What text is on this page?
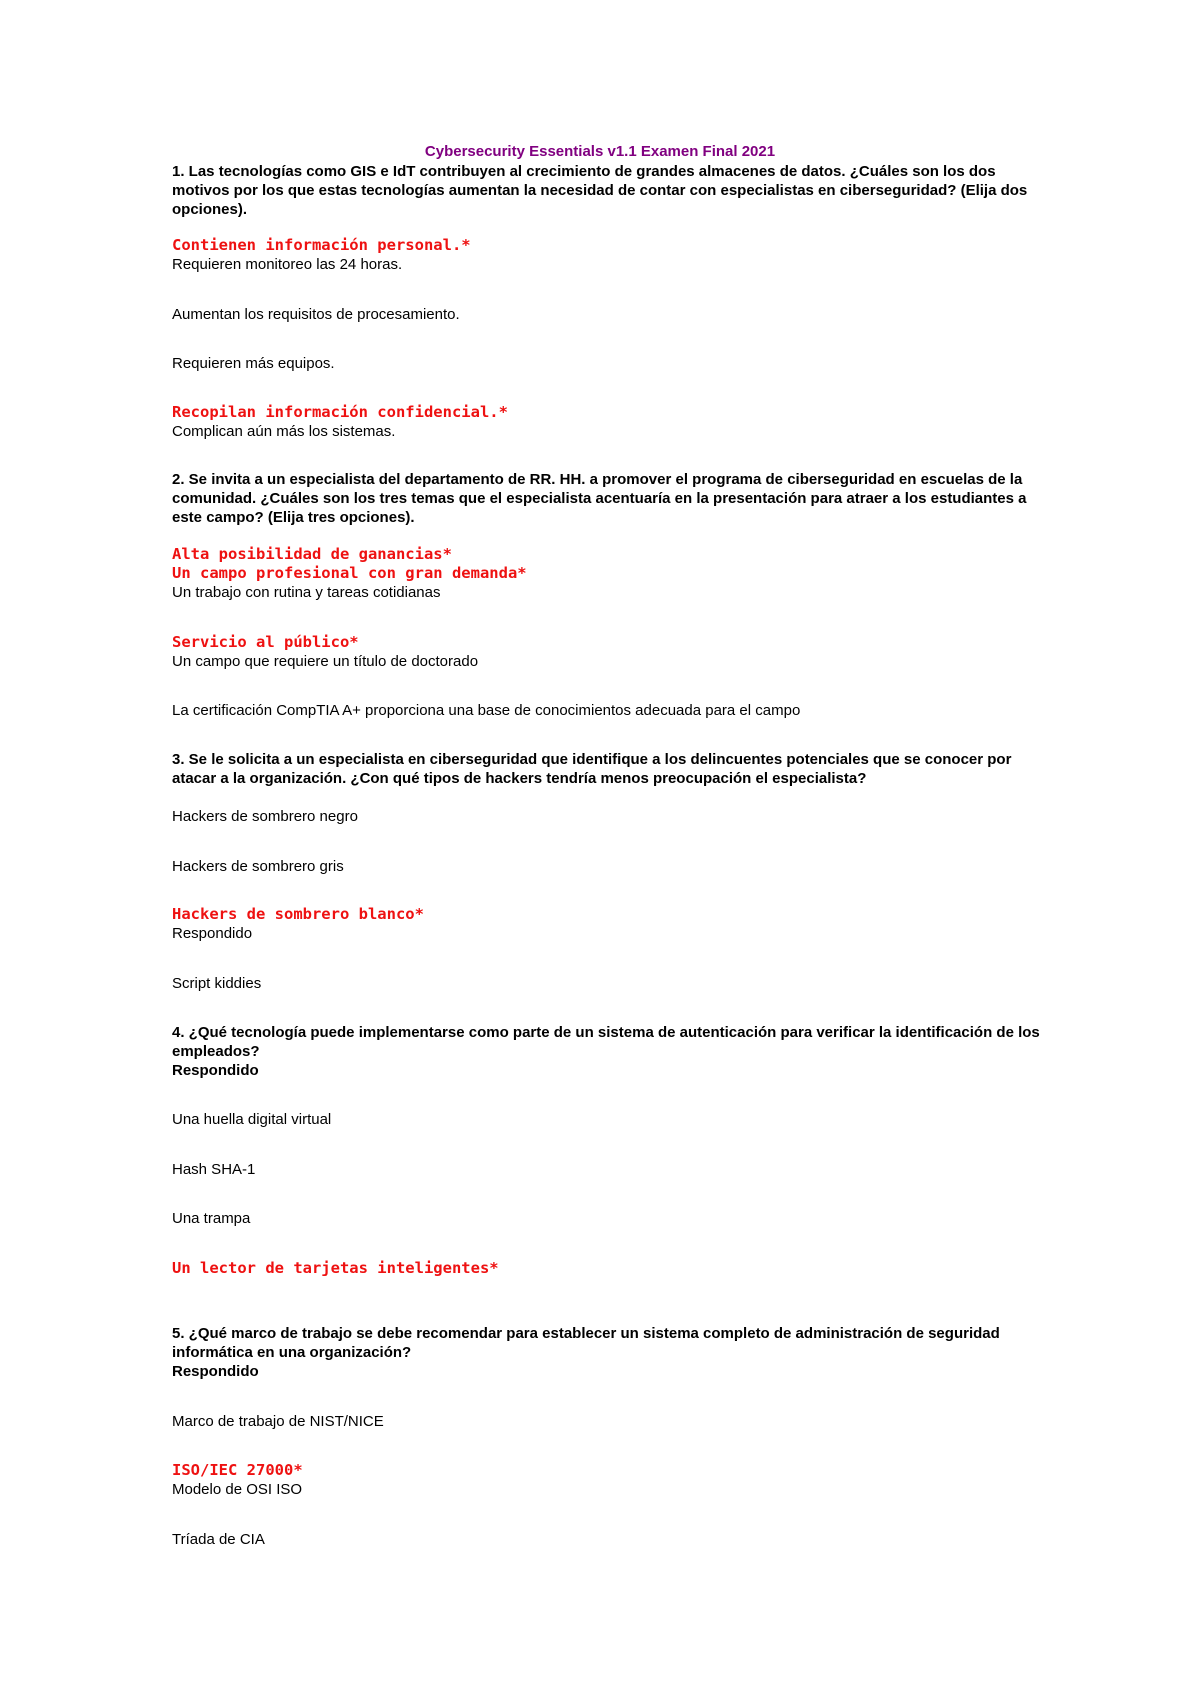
Cybersecurity Essentials v1.1 Examen Final 2021
1. Las tecnologías como GIS e IdT contribuyen al crecimiento de grandes almacenes de datos. ¿Cuáles son los dos motivos por los que estas tecnologías aumentan la necesidad de contar con especialistas en ciberseguridad? (Elija dos opciones).
Contienen información personal.*
Requieren monitoreo las 24 horas.
Aumentan los requisitos de procesamiento.
Requieren más equipos.
Recopilan información confidencial.*
Complican aún más los sistemas.
2. Se invita a un especialista del departamento de RR. HH. a promover el programa de ciberseguridad en escuelas de la comunidad. ¿Cuáles son los tres temas que el especialista acentuaría en la presentación para atraer a los estudiantes a este campo? (Elija tres opciones).
Alta posibilidad de ganancias*
Un campo profesional con gran demanda*
Un trabajo con rutina y tareas cotidianas
Servicio al público*
Un campo que requiere un título de doctorado
La certificación CompTIA A+ proporciona una base de conocimientos adecuada para el campo
3. Se le solicita a un especialista en ciberseguridad que identifique a los delincuentes potenciales que se conocer por atacar a la organización. ¿Con qué tipos de hackers tendría menos preocupación el especialista?
Hackers de sombrero negro
Hackers de sombrero gris
Hackers de sombrero blanco*
Respondido
Script kiddies
4. ¿Qué tecnología puede implementarse como parte de un sistema de autenticación para verificar la identificación de los empleados?
Respondido
Una huella digital virtual
Hash SHA-1
Una trampa
Un lector de tarjetas inteligentes*
5. ¿Qué marco de trabajo se debe recomendar para establecer un sistema completo de administración de seguridad informática en una organización?
Respondido
Marco de trabajo de NIST/NICE
ISO/IEC 27000*
Modelo de OSI ISO
Tríada de CIA
